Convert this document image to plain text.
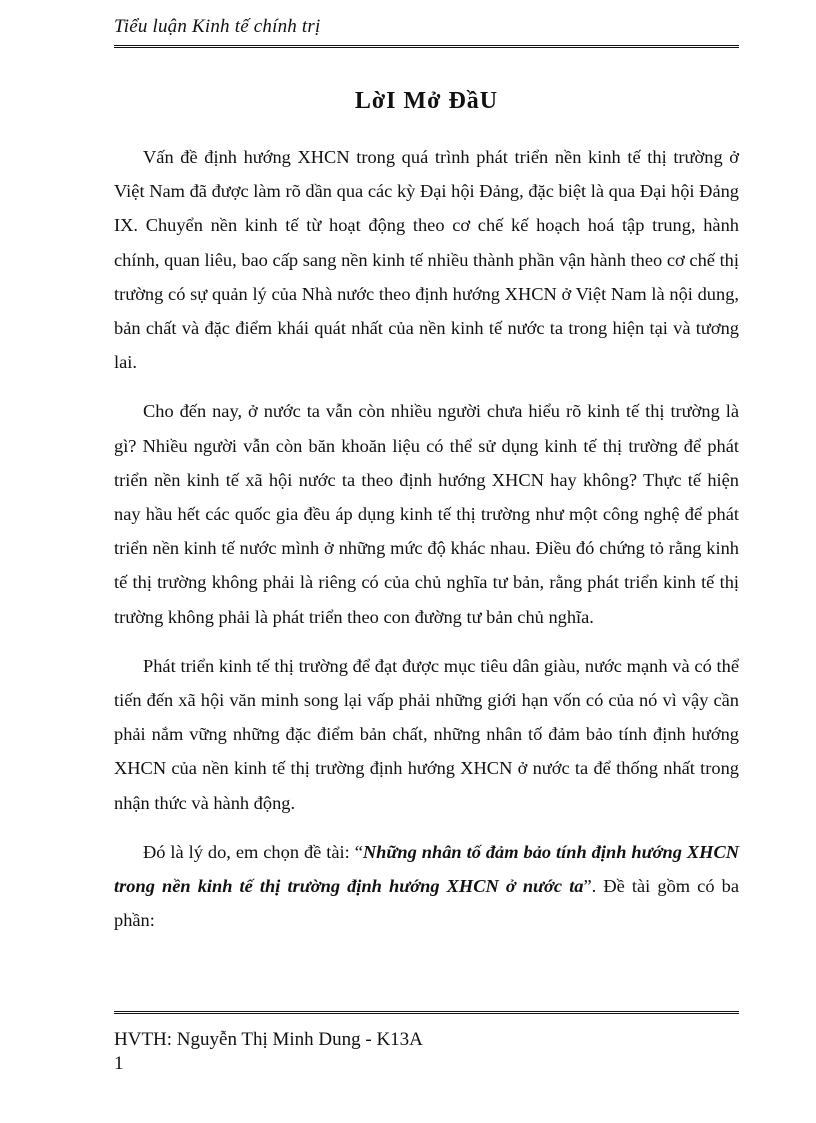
Tiểu luận Kinh tế chính trị
LờI Mở ĐầU

Vấn đề định hướng XHCN trong quá trình phát triển nền kinh tế thị trường ở Việt Nam đã được làm rõ dần qua các kỳ Đại hội Đảng, đặc biệt là qua Đại hội Đảng IX. Chuyển nền kinh tế từ hoạt động theo cơ chế kế hoạch hoá tập trung, hành chính, quan liêu, bao cấp sang nền kinh tế nhiều thành phần vận hành theo cơ chế thị trường có sự quản lý của Nhà nước theo định hướng XHCN ở Việt Nam là nội dung, bản chất và đặc điểm khái quát nhất của nền kinh tế nước ta trong hiện tại và tương lai.

Cho đến nay, ở nước ta vẫn còn nhiều người chưa hiểu rõ kinh tế thị trường là gì? Nhiều người vẫn còn băn khoăn liệu có thể sử dụng kinh tế thị trường để phát triển nền kinh tế xã hội nước ta theo định hướng XHCN hay không? Thực tế hiện nay hầu hết các quốc gia đều áp dụng kinh tế thị trường như một công nghệ để phát triển nền kinh tế nước mình ở những mức độ khác nhau. Điều đó chứng tỏ rằng kinh tế thị trường không phải là riêng có của chủ nghĩa tư bản, rằng phát triển kinh tế thị trường không phải là phát triển theo con đường tư bản chủ nghĩa.

Phát triển kinh tế thị trường để đạt được mục tiêu dân giàu, nước mạnh và có thể tiến đến xã hội văn minh song lại vấp phải những giới hạn vốn có của nó vì vậy cần phải nắm vững những đặc điểm bản chất, những nhân tố đảm bảo tính định hướng XHCN của nền kinh tế thị trường định hướng XHCN ở nước ta để thống nhất trong nhận thức và hành động.

Đó là lý do, em chọn đề tài: “Những nhân tố đảm bảo tính định hướng XHCN trong nền kinh tế thị trường định hướng XHCN ở nước ta”. Đề tài gồm có ba phần:

HVTH: Nguyễn Thị Minh Dung - K13A
1
